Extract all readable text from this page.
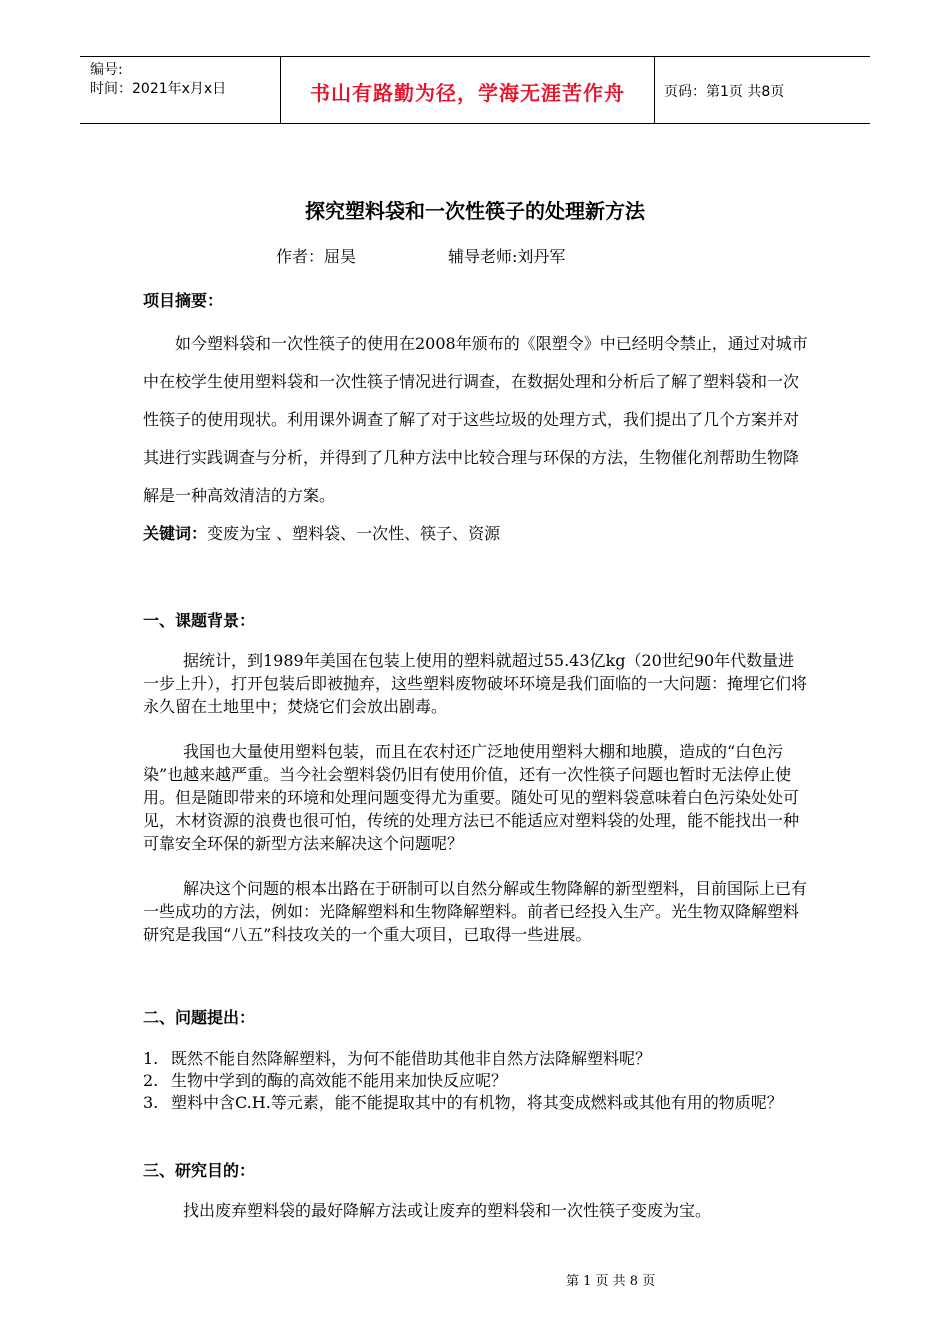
编号:
时间：2021年x月x日	书山有路勤为径，学海无涯苦作舟	页码：第1页 共8页
探究塑料袋和一次性筷子的处理新方法
作者：屈昊	辅导老师:刘丹军
项目摘要：

如今塑料袋和一次性筷子的使用在2008年颁布的《限塑令》中已经明令禁止，通过对城市中在校学生使用塑料袋和一次性筷子情况进行调查，在数据处理和分析后了解了塑料袋和一次性筷子的使用现状。利用课外调查了解了对于这些垃圾的处理方式，我们提出了几个方案并对其进行实践调查与分析，并得到了几种方法中比较合理与环保的方法，生物催化剂帮助生物降解是一种高效清洁的方案。

关键词：变废为宝 、塑料袋、一次性、筷子、资源
一、课题背景：

据统计，到1989年美国在包装上使用的塑料就超过55.43亿kg（20世纪90年代数量进一步上升），打开包装后即被抛弃，这些塑料废物破坏环境是我们面临的一大问题：掩埋它们将永久留在土地里中；焚烧它们会放出剧毒。

我国也大量使用塑料包装，而且在农村还广泛地使用塑料大棚和地膜，造成的“白色污染”也越来越严重。当今社会塑料袋仍旧有使用价值，还有一次性筷子问题也暂时无法停止使用。但是随即带来的环境和处理问题变得尤为重要。随处可见的塑料袋意味着白色污染处处可见，木材资源的浪费也很可怕，传统的处理方法已不能适应对塑料袋的处理，能不能找出一种可靠安全环保的新型方法来解决这个问题呢？

解决这个问题的根本出路在于研制可以自然分解或生物降解的新型塑料，目前国际上已有一些成功的方法，例如：光降解塑料和生物降解塑料。前者已经投入生产。光生物双降解塑料研究是我国“八五”科技攻关的一个重大项目，已取得一些进展。

二、问题提出：
1. 既然不能自然降解塑料，为何不能借助其他非自然方法降解塑料呢？
2. 生物中学到的酶的高效能不能用来加快反应呢？
3. 塑料中含C.H.等元素，能不能提取其中的有机物，将其变成燃料或其他有用的物质呢？
三、研究目的：

找出废弃塑料袋的最好降解方法或让废弃的塑料袋和一次性筷子变废为宝。

第 1 页 共 8 页
